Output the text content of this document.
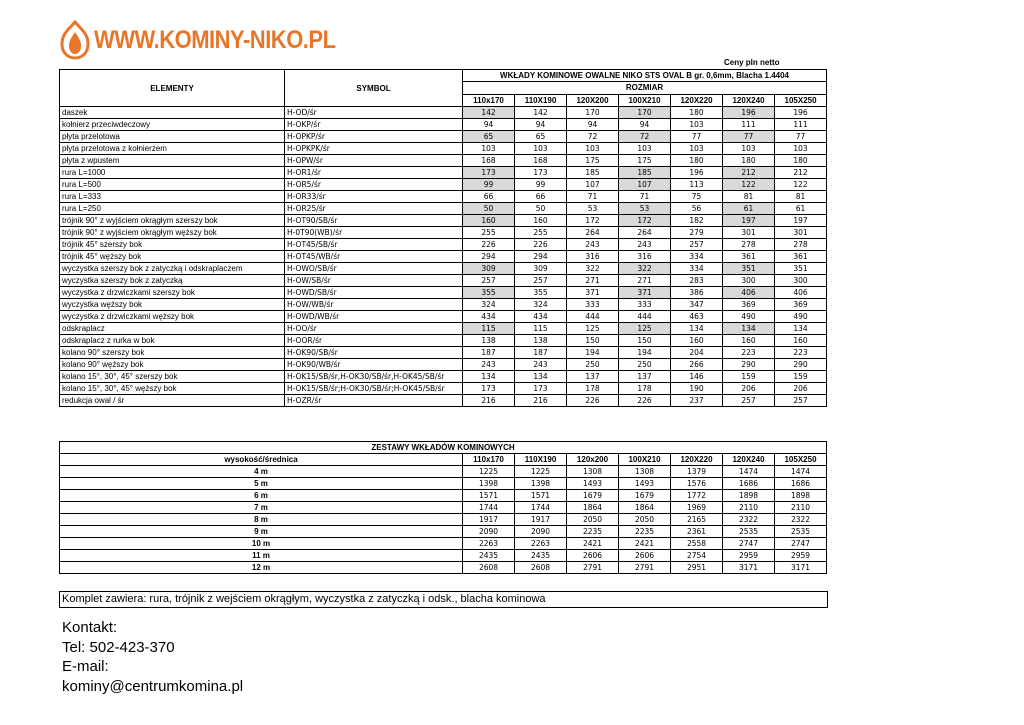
WWW.KOMINY-NIKO.PL
Ceny pln netto
ELEMENTY	SYMBOL	WKŁADY KOMINOWE OWALNE NIKO STS OVAL B gr. 0,6mm, Blacha 1.4404						
		ROZMIAR						
		110x170	110X190	120X200	100X210	120X220	120X240	105X250
daszek	H-OD/śr	142	142	170	170	180	196	196
kołnierz przeciwdeczowy	H-OKP/śr	94	94	94	94	103	111	111
płyta przelotowa	H-OPKP/śr	65	65	72	72	77	77	77
płyta przelotowa z kołnierzem	H-OPKPK/śr	103	103	103	103	103	103	103
płyta z wpustem	H-OPW/śr	168	168	175	175	180	180	180
rura L=1000	H-OR1/śr	173	173	185	185	196	212	212
rura L=500	H-OR5/śr	99	99	107	107	113	122	122
rura L=333	H-OR33/śr	66	66	71	71	75	81	81
rura L=250	H-OR25/śr	50	50	53	53	56	61	61
trójnik 90° z wyjściem okrągłym szerszy bok	H-OT90/SB/śr	160	160	172	172	182	197	197
trójnik 90° z wyjściem okrągłym węższy bok	H-0T90(WB)/śr	255	255	264	264	279	301	301
trójnik 45° szerszy bok	H-OT45/SB/śr	226	226	243	243	257	278	278
trójnik 45° węższy bok	H-OT45/WB/śr	294	294	316	316	334	361	361
wyczystka szerszy bok z zatyczką i odskraplaczem	H-OWO/SB/śr	309	309	322	322	334	351	351
wyczystka szerszy bok z zatyczką	H-OW/SB/śr	257	257	271	271	283	300	300
wyczystka z drzwiczkami szerszy bok	H-OWD/SB/śr	355	355	371	371	386	406	406
wyczystka węższy bok	H-OW/WB/śr	324	324	333	333	347	369	369
wyczystka z drzwiczkami węższy bok	H-OWD/WB/śr	434	434	444	444	463	490	490
odskraplacz	H-OO/śr	115	115	125	125	134	134	134
odskraplacz z rurka w bok	H-OOR/śr	138	138	150	150	160	160	160
kolano 90° szerszy bok	H-OK90/SB/śr	187	187	194	194	204	223	223
kolano 90° węższy bok	H-OK90/WB/śr	243	243	250	250	266	290	290
kolano 15°, 30°, 45° szerszy bok	H-OK15/SB/śr,H-OK30/SB/śr,H-OK45/SB/śr	134	134	137	137	146	159	159
kolano 15°, 30°, 45° węższy bok	H-OK15/SB/śr;H-OK30/SB/śr;H-OK45/SB/śr	173	173	178	178	190	206	206
redukcja owal / śr	H-OZR/śr	216	216	226	226	237	257	257
ZESTAWY WKŁADÓW KOMINOWYCH							
wysokość/średnica	110x170	110X190	120x200	100X210	120X220	120X240	105X250
4 m	1225	1225	1308	1308	1379	1474	1474
5 m	1398	1398	1493	1493	1576	1686	1686
6 m	1571	1571	1679	1679	1772	1898	1898
7 m	1744	1744	1864	1864	1969	2110	2110
8 m	1917	1917	2050	2050	2165	2322	2322
9 m	2090	2090	2235	2235	2361	2535	2535
10 m	2263	2263	2421	2421	2558	2747	2747
11 m	2435	2435	2606	2606	2754	2959	2959
12 m	2608	2608	2791	2791	2951	3171	3171
Komplet zawiera: rura, trójnik z wejściem okrągłym, wyczystka z zatyczką i odsk., blacha kominowa
Kontakt:
Tel: 502-423-370
E-mail:
kominy@centrumkomina.pl
